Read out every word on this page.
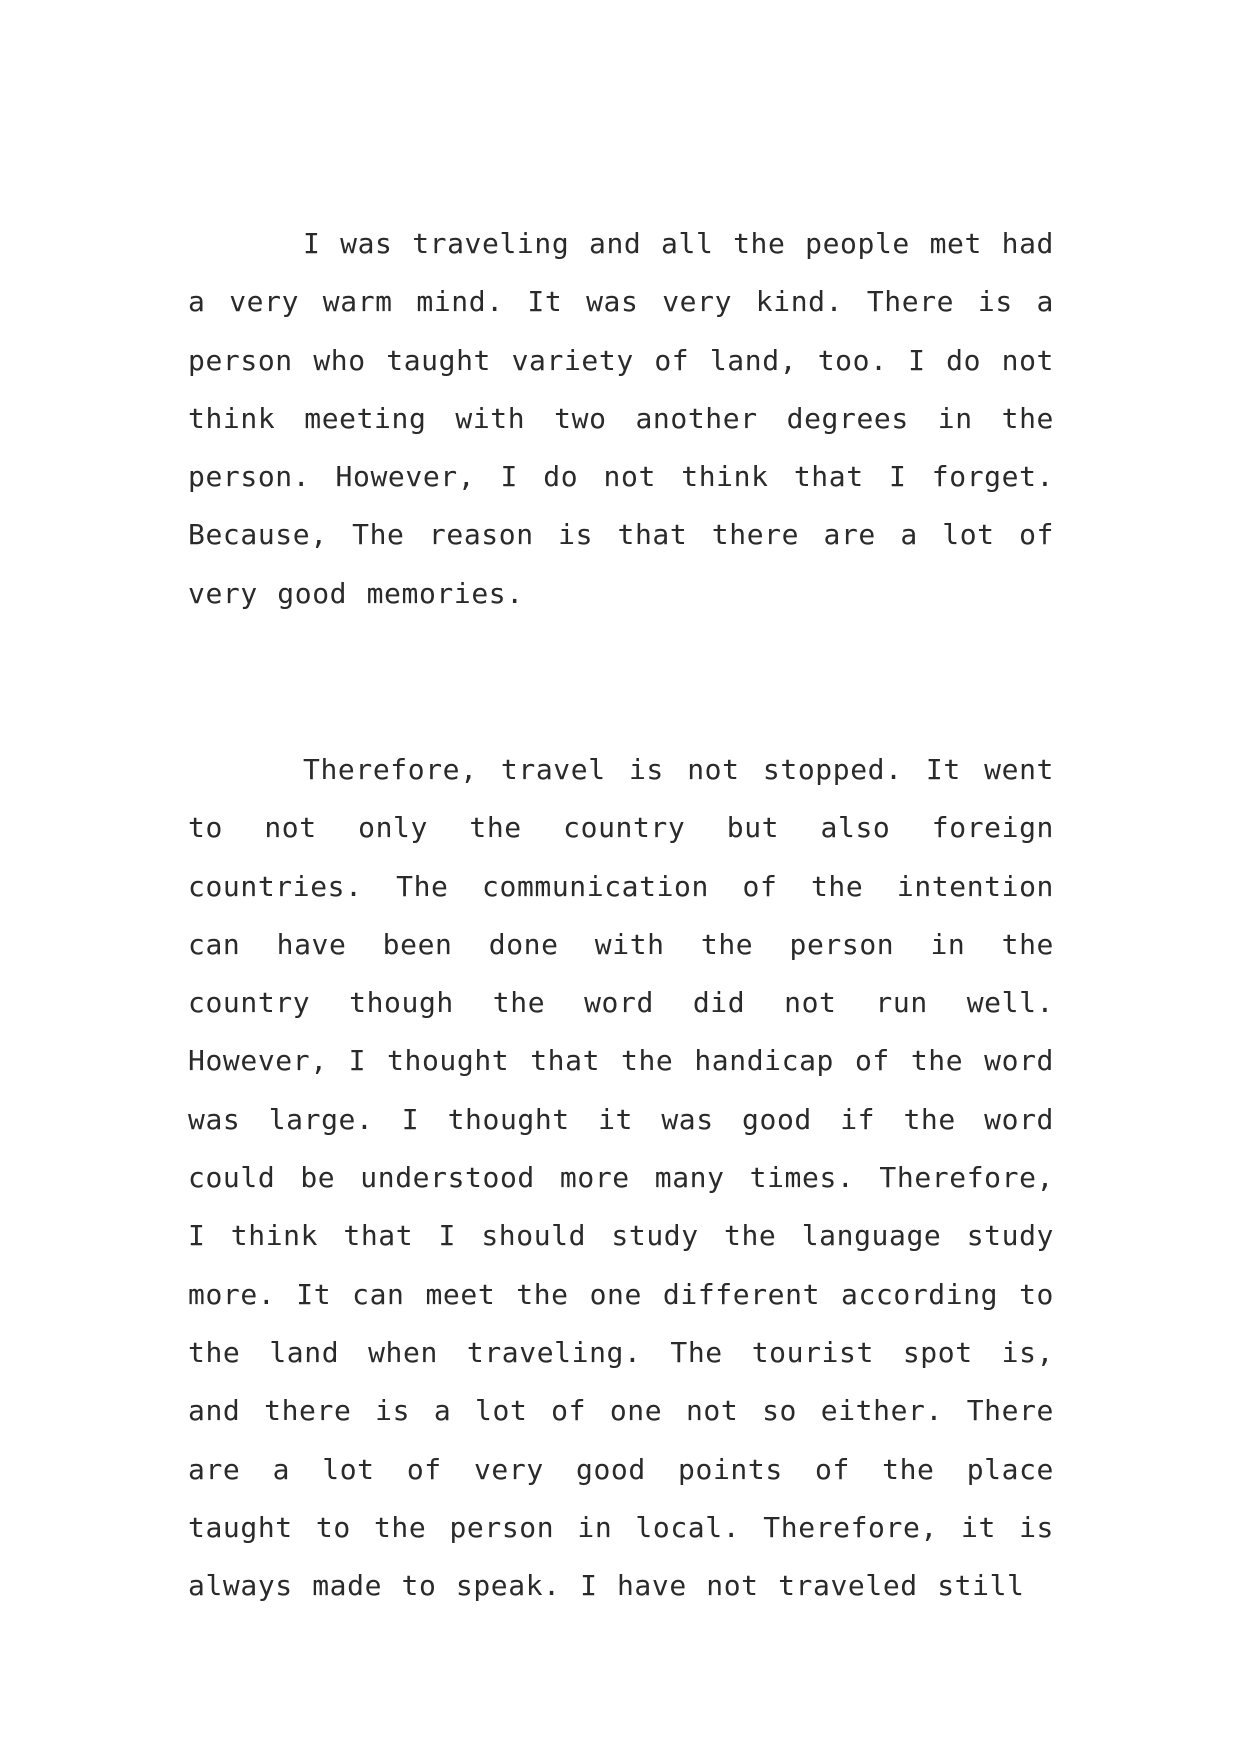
I was traveling and all the people met had a very warm mind. It was very kind. There is a person who taught variety of land, too. I do not think meeting with two another degrees in the person. However, I do not think that I forget. Because, The reason is that there are a lot of very good memories.

Therefore, travel is not stopped. It went to not only the country but also foreign countries. The communication of the intention can have been done with the person in the country though the word did not run well. However, I thought that the handicap of the word was large. I thought it was good if the word could be understood more many times. Therefore, I think that I should study the language study more. It can meet the one different according to the land when traveling. The tourist spot is, and there is a lot of one not so either. There are a lot of very good points of the place taught to the person in local. Therefore, it is always made to speak. I have not traveled still
